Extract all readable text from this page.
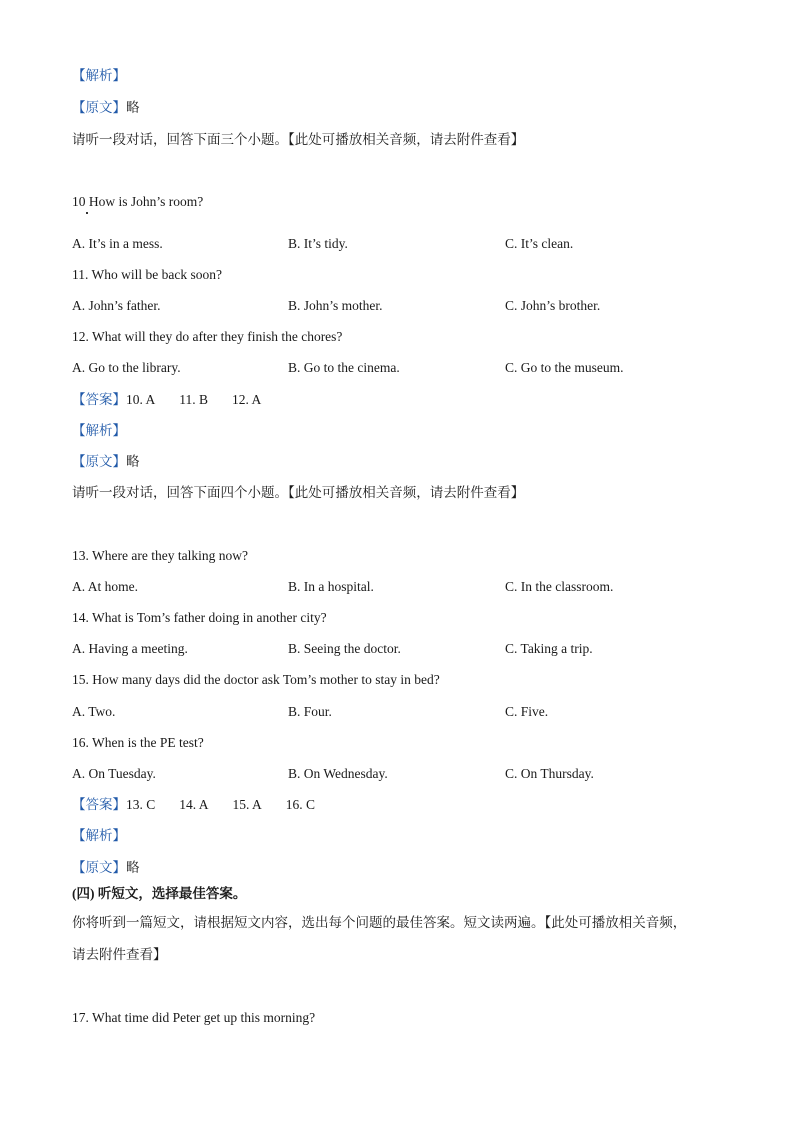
【解析】
【原文】略
请听一段对话，回答下面三个小题。【此处可播放相关音频，请去附件查看】
10 How is John’s room?
A. It’s in a mess.	B. It’s tidy.	C. It’s clean.
11. Who will be back soon?
A. John’s father.	B. John’s mother.	C. John’s brother.
12. What will they do after they finish the chores?
A. Go to the library.	B. Go to the cinema.	C. Go to the museum.
【答案】10. A 11. B 12. A
【解析】
【原文】略
请听一段对话，回答下面四个小题。【此处可播放相关音频，请去附件查看】
13. Where are they talking now?
A. At home.	B. In a hospital.	C. In the classroom.
14. What is Tom’s father doing in another city?
A. Having a meeting.	B. Seeing the doctor.	C. Taking a trip.
15. How many days did the doctor ask Tom’s mother to stay in bed?
A. Two.	B. Four.	C. Five.
16. When is the PE test?
A. On Tuesday.	B. On Wednesday.	C. On Thursday.
【答案】13. C 14. A 15. A 16. C
【解析】
【原文】略
(四) 听短文，选择最佳答案。
你将听到一篇短文，请根据短文内容，选出每个问题的最佳答案。短文读两遍。【此处可播放相关音频，
请去附件查看】
17. What time did Peter get up this morning?
